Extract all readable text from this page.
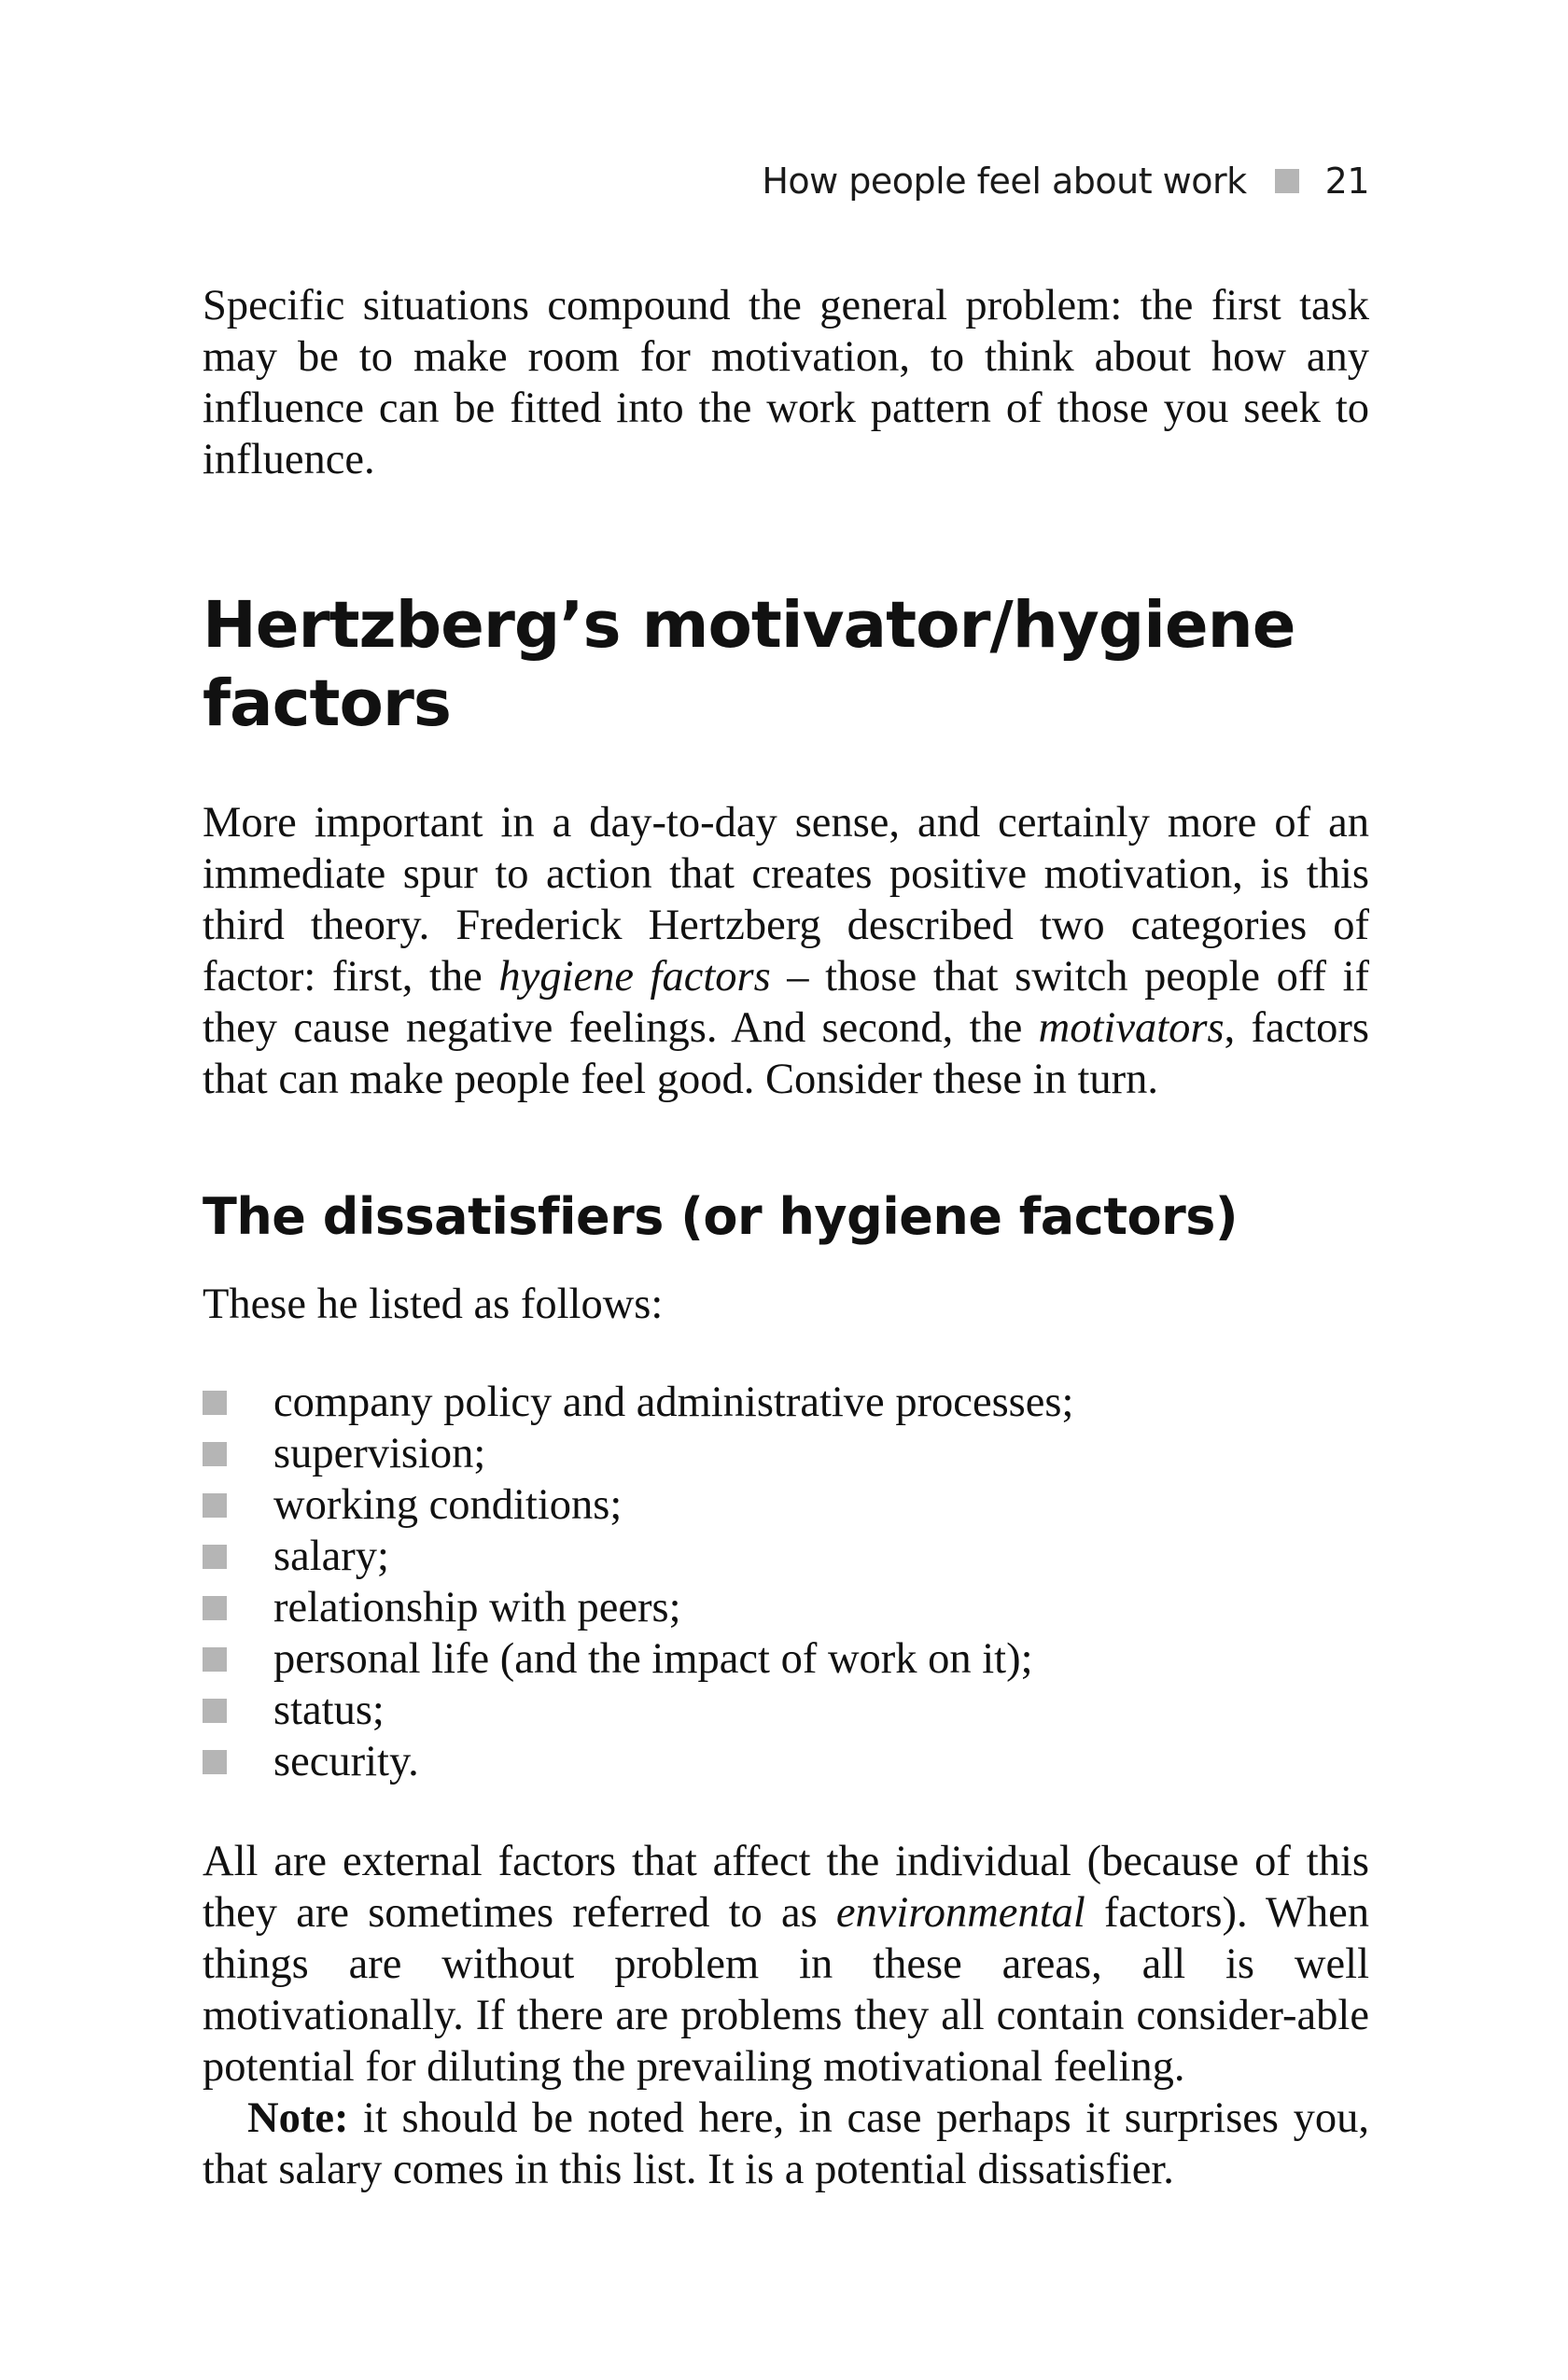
How people feel about work 21

Specific situations compound the general problem: the first task may be to make room for motivation, to think about how any influence can be fitted into the work pattern of those you seek to influence.

Hertzberg’s motivator/hygiene factors

More important in a day-to-day sense, and certainly more of an immediate spur to action that creates positive motivation, is this third theory. Frederick Hertzberg described two categories of factor: first, the hygiene factors – those that switch people off if they cause negative feelings. And second, the motivators, factors that can make people feel good. Consider these in turn.

The dissatisfiers (or hygiene factors)

These he listed as follows:

company policy and administrative processes;
supervision;
working conditions;
salary;
relationship with peers;
personal life (and the impact of work on it);
status;
security.

All are external factors that affect the individual (because of this they are sometimes referred to as environmental factors). When things are without problem in these areas, all is well motivationally. If there are problems they all contain consider-able potential for diluting the prevailing motivational feeling.

Note: it should be noted here, in case perhaps it surprises you, that salary comes in this list. It is a potential dissatisfier.
